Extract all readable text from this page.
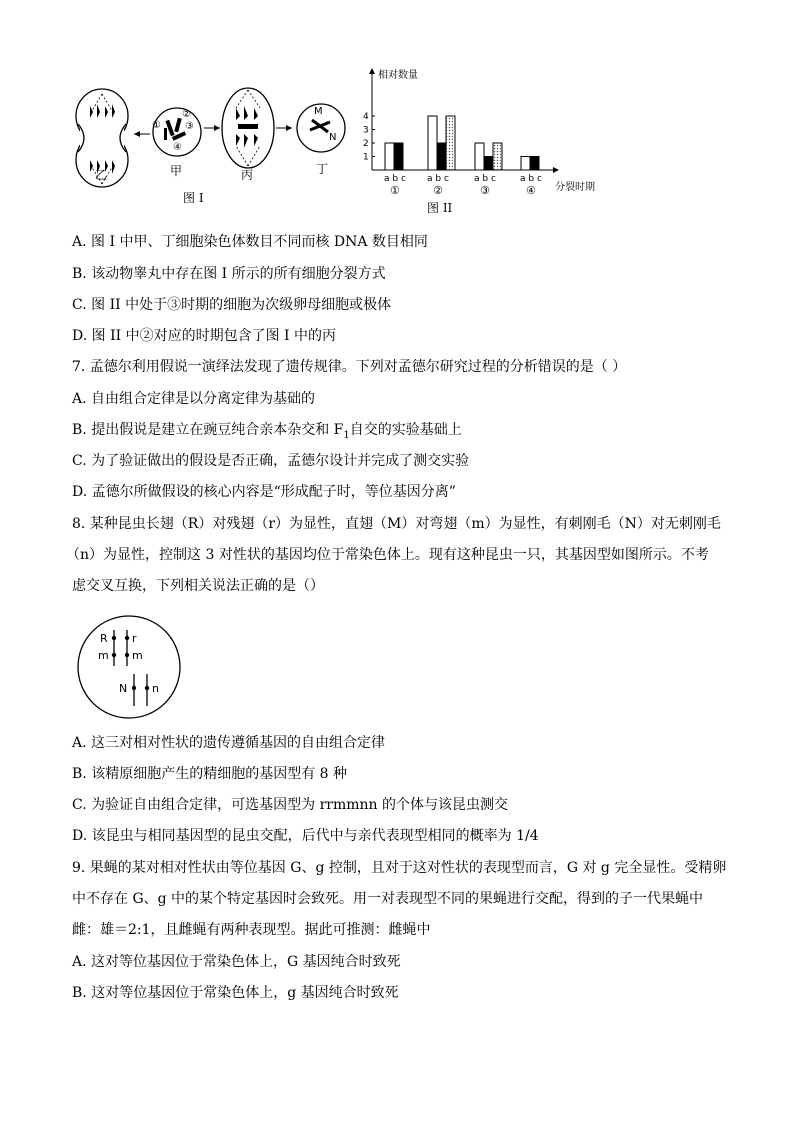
①
②
③
④
M
N
乙	甲	丙	丁
图 I
相对数量
分裂时期
1
2
3
4
a b c
①
a b c
②
a b c
③
a b c
④
图 II
A. 图 I 中甲、丁细胞染色体数目不同而核 DNA 数目相同
B. 该动物睾丸中存在图 I 所示的所有细胞分裂方式
C. 图 II 中处于③时期的细胞为次级卵母细胞或极体
D. 图 II 中②对应的时期包含了图 I 中的丙
7. 孟德尔利用假说一演绎法发现了遗传规律。下列对孟德尔研究过程的分析错误的是（ ）
A. 自由组合定律是以分离定律为基础的
B. 提出假说是建立在豌豆纯合亲本杂交和 $F_1$自交的实验基础上
C. 为了验证做出的假设是否正确，孟德尔设计并完成了测交实验
D. 孟德尔所做假设的核心内容是“形成配子时，等位基因分离”
8. 某种昆虫长翅（R）对残翅（r）为显性，直翅（M）对弯翅（m）为显性，有刺刚毛（N）对无刺刚毛
（n）为显性，控制这 3 对性状的基因均位于常染色体上。现有这种昆虫一只，其基因型如图所示。不考
虑交叉互换，下列相关说法正确的是（）
R r
m m
N n
A. 这三对相对性状的遗传遵循基因的自由组合定律
B. 该精原细胞产生的精细胞的基因型有 8 种
C. 为验证自由组合定律，可选基因型为 rrmmnn 的个体与该昆虫测交
D. 该昆虫与相同基因型的昆虫交配，后代中与亲代表现型相同的概率为 1/4
9. 果蝇的某对相对性状由等位基因 G、g 控制，且对于这对性状的表现型而言，G 对 g 完全显性。受精卵
中不存在 G、g 中的某个特定基因时会致死。用一对表现型不同的果蝇进行交配，得到的子一代果蝇中
雌：雄＝2:1，且雌蝇有两种表现型。据此可推测：雌蝇中
A. 这对等位基因位于常染色体上，G 基因纯合时致死
B. 这对等位基因位于常染色体上，g 基因纯合时致死
